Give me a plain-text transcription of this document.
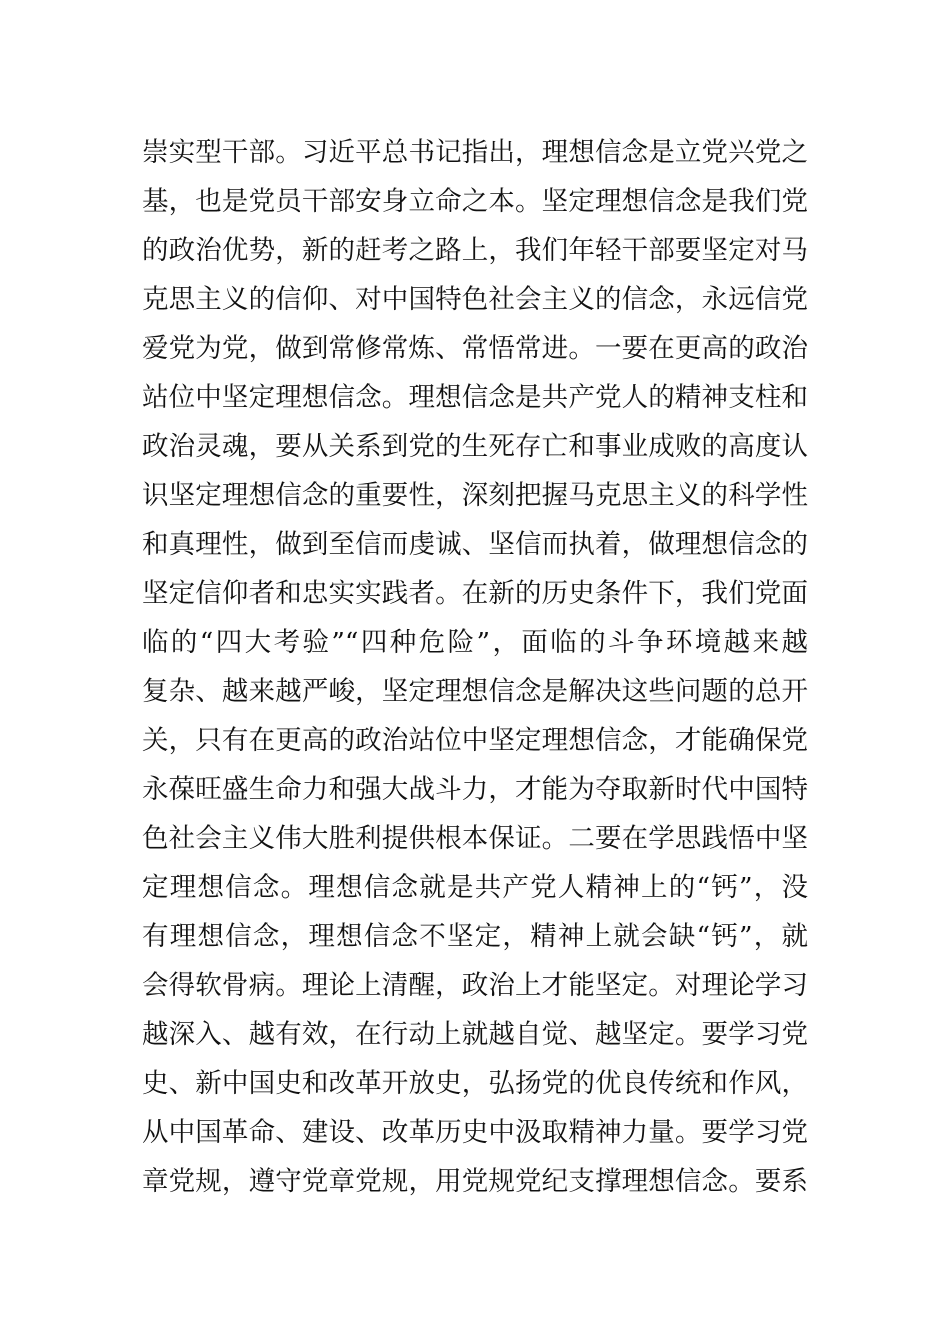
崇实型干部。习近平总书记指出，理想信念是立党兴党之
基，也是党员干部安身立命之本。坚定理想信念是我们党
的政治优势，新的赶考之路上，我们年轻干部要坚定对马
克思主义的信仰、对中国特色社会主义的信念，永远信党
爱党为党，做到常修常炼、常悟常进。一要在更高的政治
站位中坚定理想信念。理想信念是共产党人的精神支柱和
政治灵魂，要从关系到党的生死存亡和事业成败的高度认
识坚定理想信念的重要性，深刻把握马克思主义的科学性
和真理性，做到至信而虔诚、坚信而执着，做理想信念的
坚定信仰者和忠实实践者。在新的历史条件下，我们党面
临的“四大考验”“四种危险”，面临的斗争环境越来越
复杂、越来越严峻，坚定理想信念是解决这些问题的总开
关，只有在更高的政治站位中坚定理想信念，才能确保党
永葆旺盛生命力和强大战斗力，才能为夺取新时代中国特
色社会主义伟大胜利提供根本保证。二要在学思践悟中坚
定理想信念。理想信念就是共产党人精神上的“钙”，没
有理想信念，理想信念不坚定，精神上就会缺“钙”，就
会得软骨病。理论上清醒，政治上才能坚定。对理论学习
越深入、越有效，在行动上就越自觉、越坚定。要学习党
史、新中国史和改革开放史，弘扬党的优良传统和作风，
从中国革命、建设、改革历史中汲取精神力量。要学习党
章党规，遵守党章党规，用党规党纪支撑理想信念。要系
